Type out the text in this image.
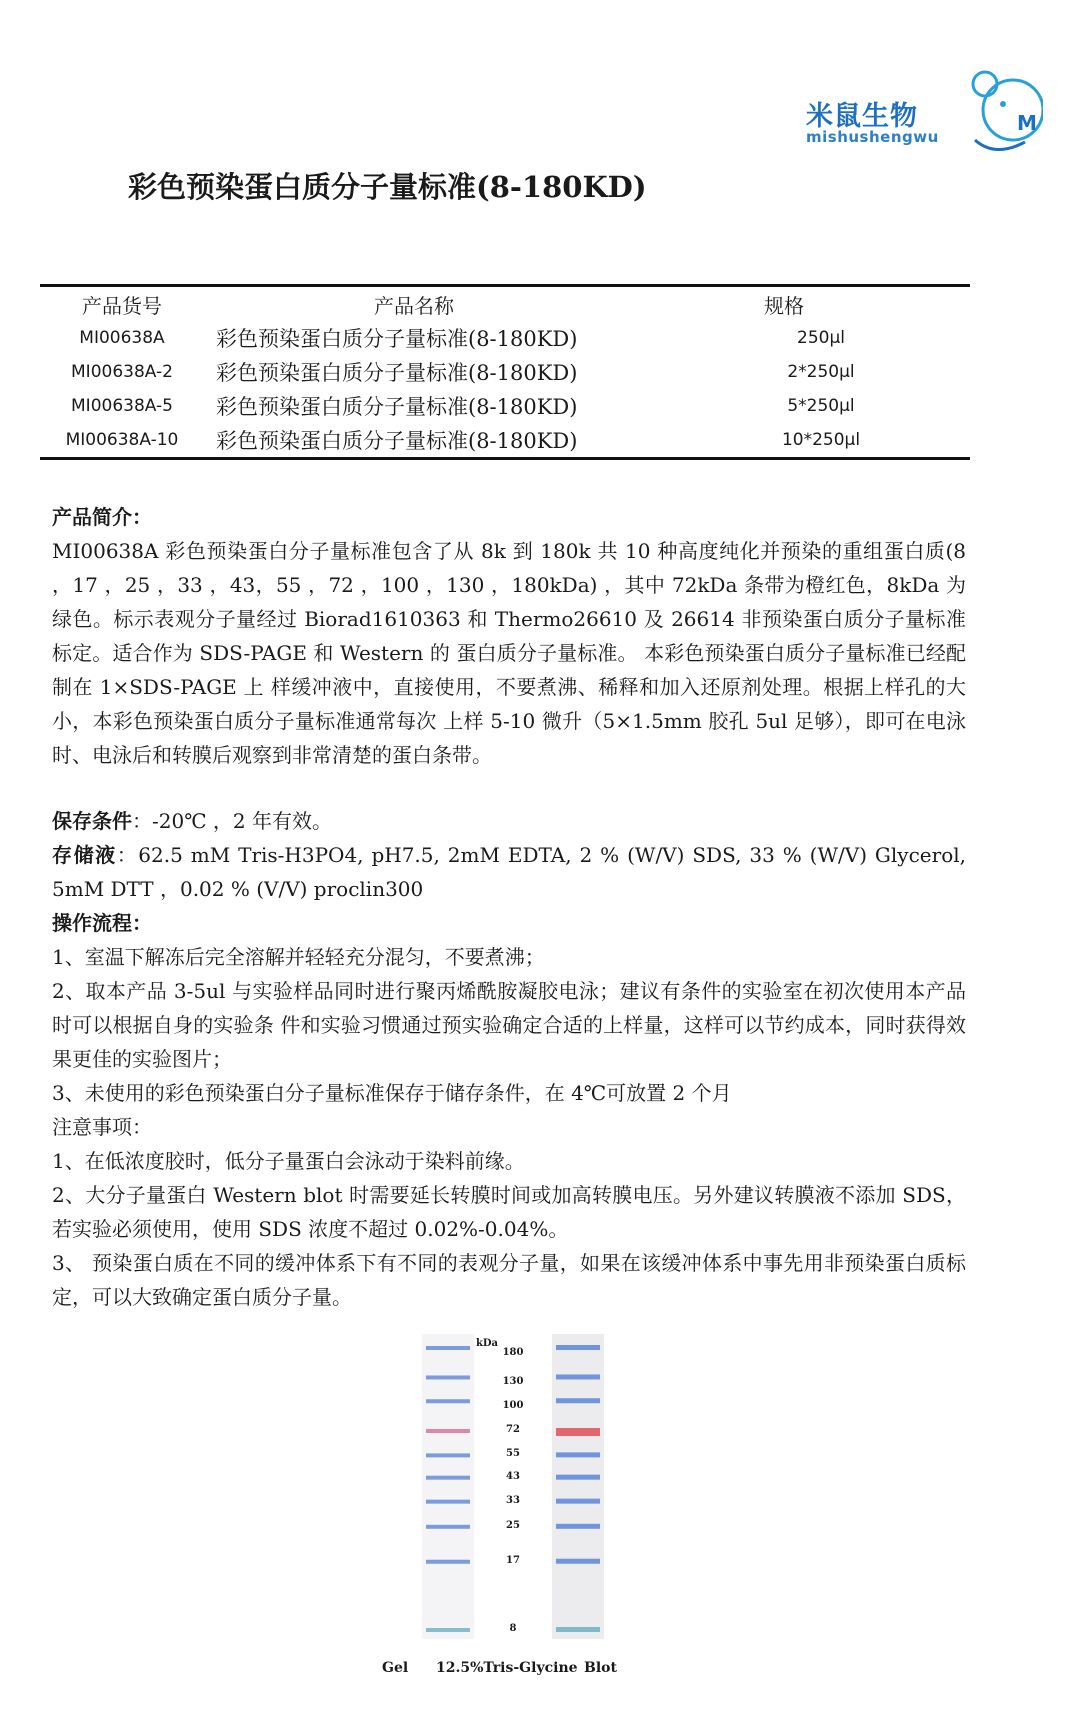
米鼠生物
mishushengwu
M
彩色预染蛋白质分子量标准(8-180KD)
产品货号	产品名称	规格
MI00638A	彩色预染蛋白质分子量标准(8-180KD)	250μl
MI00638A-2	彩色预染蛋白质分子量标准(8-180KD)	2*250μl
MI00638A-5	彩色预染蛋白质分子量标准(8-180KD)	5*250μl
MI00638A-10	彩色预染蛋白质分子量标准(8-180KD)	10*250μl

产品简介：

MI00638A 彩色预染蛋白分子量标准包含了从 8k 到 180k 共 10 种高度纯化并预染的重组蛋白质(8 ，17 ，25 ，33 ，43，55 ，72 ，100 ，130 ，180kDa) ，其中 72kDa 条带为橙红色，8kDa 为绿色。标示表观分子量经过 Biorad1610363 和 Thermo26610 及 26614 非预染蛋白质分子量标准标定。适合作为 SDS-PAGE 和 Western 的 蛋白质分子量标准。 本彩色预染蛋白质分子量标准已经配制在 1×SDS-PAGE 上 样缓冲液中，直接使用，不要煮沸、稀释和加入还原剂处理。根据上样孔的大小，本彩色预染蛋白质分子量标准通常每次 上样 5-10 微升（5×1.5mm 胶孔 5ul 足够），即可在电泳时、电泳后和转膜后观察到非常清楚的蛋白条带。

保存条件：-20℃ ，2 年有效。

存储液：62.5 mM Tris-H3PO4, pH7.5, 2mM EDTA, 2 % (W/V) SDS, 33 % (W/V) Glycerol, 5mM DTT ，0.02 % (V/V) proclin300

操作流程：

1、室温下解冻后完全溶解并轻轻充分混匀，不要煮沸；

2、取本产品 3-5ul 与实验样品同时进行聚丙烯酰胺凝胶电泳；建议有条件的实验室在初次使用本产品时可以根据自身的实验条 件和实验习惯通过预实验确定合适的上样量，这样可以节约成本，同时获得效果更佳的实验图片；

3、未使用的彩色预染蛋白分子量标准保存于储存条件，在 4℃可放置 2 个月

注意事项：

1、在低浓度胶时，低分子量蛋白会泳动于染料前缘。

2、大分子量蛋白 Western blot 时需要延长转膜时间或加高转膜电压。另外建议转膜液不添加 SDS，若实验必须使用，使用 SDS 浓度不超过 0.02%-0.04%。

3、 预染蛋白质在不同的缓冲体系下有不同的表观分子量，如果在该缓冲体系中事先用非预染蛋白质标定，可以大致确定蛋白质分子量。

kDa
180
130
100
72
55
43
33
25
17
8
Gel 12.5%Tris-Glycine Blot
